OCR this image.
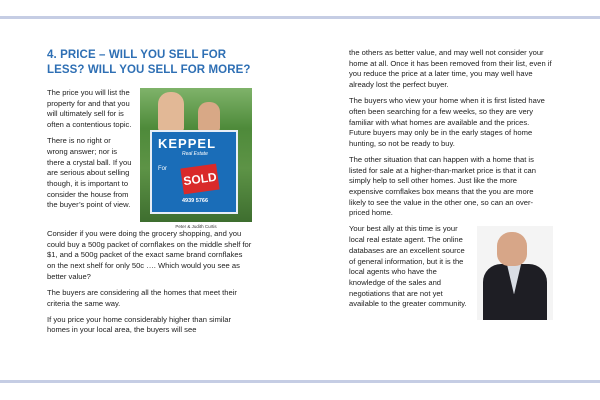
4. PRICE – WILL YOU SELL FOR LESS? WILL YOU SELL FOR MORE?

The price you will list the property for and that you will ultimately sell for is often a contentious topic.

There is no right or wrong answer; nor is there a crystal ball. If you are serious about selling though, it is important to consider the house from the buyer’s point of view.

KEPPEL
Real Estate
For
SOLD
4939 5766
Peter & Judith Curtis

Consider if you were doing the grocery shopping, and you could buy a 500g packet of cornflakes on the middle shelf for $1, and a 500g packet of the exact same brand cornflakes on the next shelf for only 50c …. Which would you see as better value?

The buyers are considering all the homes that meet their criteria the same way.

If you price your home considerably higher than similar homes in your local area, the buyers will see

the others as better value, and may well not consider your home at all. Once it has been removed from their list, even if you reduce the price at a later time, you may well have already lost the perfect buyer.

The buyers who view your home when it is first listed have often been searching for a few weeks, so they are very familiar with what homes are available and the prices. Future buyers may only be in the early stages of home hunting, so not be ready to buy.

The other situation that can happen with a home that is listed for sale at a higher-than-market price is that it can simply help to sell other homes. Just like the more expensive cornflakes box means that the you are more likely to see the value in the other one, so can an over-priced home.

Your best ally at this time is your local real estate agent. The online databases are an excellent source of general information, but it is the local agents who have the knowledge of the sales and negotiations that are not yet available to the greater community.
